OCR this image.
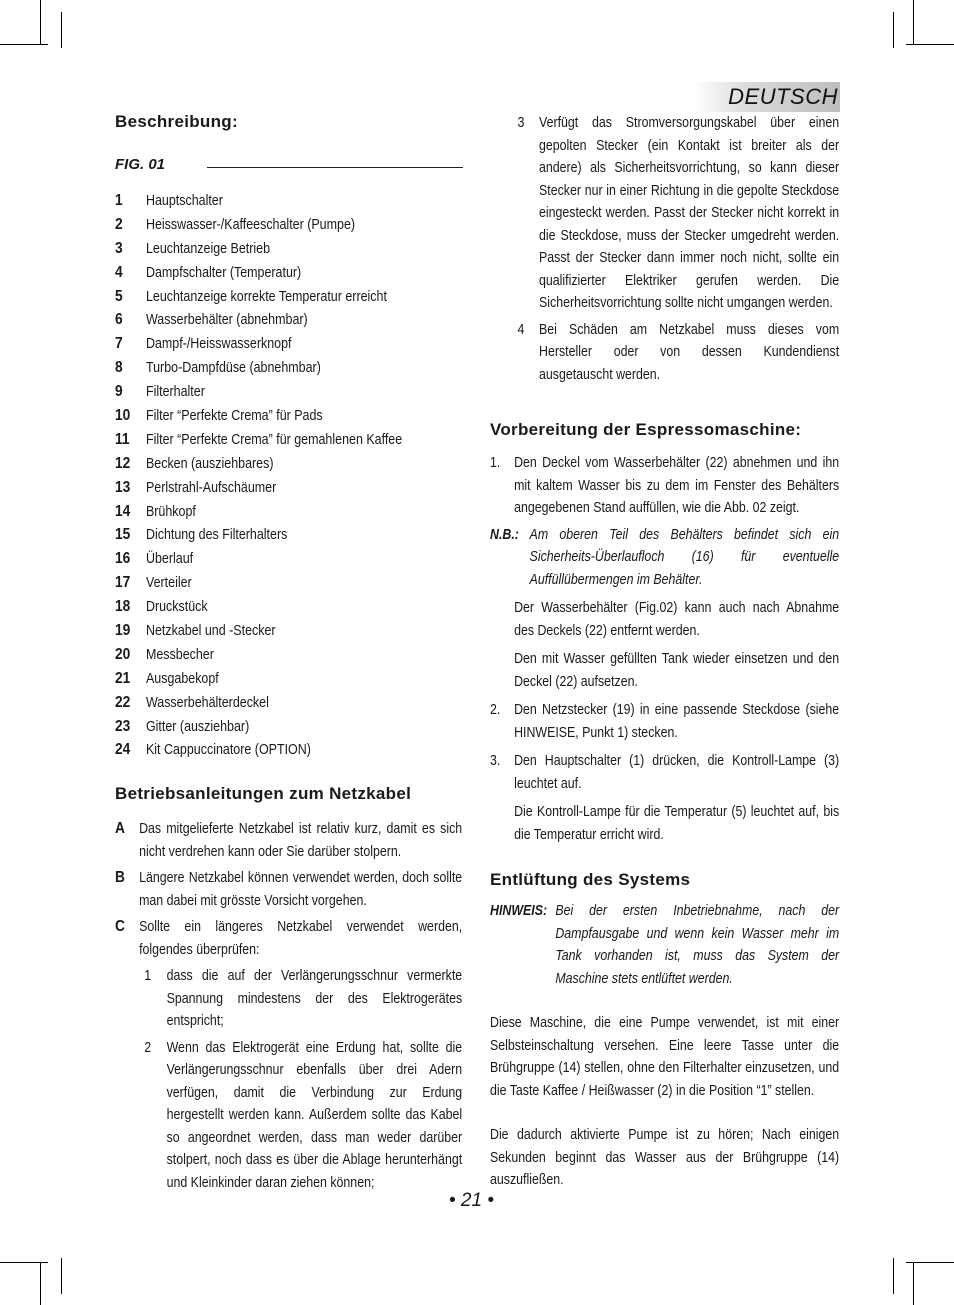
DEUTSCH
Beschreibung:
FIG. 01
1	Hauptschalter
2	Heisswasser-/Kaffeeschalter (Pumpe)
3	Leuchtanzeige Betrieb
4	Dampfschalter (Temperatur)
5	Leuchtanzeige korrekte Temperatur erreicht
6	Wasserbehälter (abnehmbar)
7	Dampf-/Heisswasserknopf
8	Turbo-Dampfdüse (abnehmbar)
9	Filterhalter
10	Filter “Perfekte Crema” für Pads
11	Filter “Perfekte Crema” für gemahlenen Kaffee
12	Becken (ausziehbares)
13	Perlstrahl-Aufschäumer
14	Brühkopf
15	Dichtung des Filterhalters
16	Überlauf
17	Verteiler
18	Druckstück
19	Netzkabel und -Stecker
20	Messbecher
21	Ausgabekopf
22	Wasserbehälterdeckel
23	Gitter (ausziehbar)
24	Kit Cappuccinatore (OPTION)
Betriebsanleitungen zum Netzkabel
A Das mitgelieferte Netzkabel ist relativ kurz, damit es sich nicht verdrehen kann oder Sie darüber stolpern.
B Längere Netzkabel können verwendet werden, doch sollte man dabei mit grösste Vorsicht vorgehen.
C Sollte ein längeres Netzkabel verwendet werden, folgendes überprüfen:
1	dass die auf der Verlängerungsschnur vermerkte Spannung mindestens der des Elektrogerätes entspricht;
2	Wenn das Elektrogerät eine Erdung hat, sollte die Verlängerungsschnur ebenfalls über drei Adern verfügen, damit die Verbindung zur Erdung hergestellt werden kann. Außerdem sollte das Kabel so angeordnet werden, dass man weder darüber stolpert, noch dass es über die Ablage herunterhängt und Kleinkinder daran ziehen können;
3	Verfügt das Stromversorgungskabel über einen gepolten Stecker (ein Kontakt ist breiter als der andere) als Sicherheitsvorrichtung, so kann dieser Stecker nur in einer Richtung in die gepolte Steckdose eingesteckt werden. Passt der Stecker nicht korrekt in die Steckdose, muss der Stecker umgedreht werden. Passt der Stecker dann immer noch nicht, sollte ein qualifizierter Elektriker gerufen werden. Die Sicherheitsvorrichtung sollte nicht umgangen werden.
4	Bei Schäden am Netzkabel muss dieses vom Hersteller oder von dessen Kundendienst ausgetauscht werden.
Vorbereitung der Espressomaschine:
1. Den Deckel vom Wasserbehälter (22) abnehmen und ihn mit kaltem Wasser bis zu dem im Fenster des Behälters angegebenen Stand auffüllen, wie die Abb. 02 zeigt.
N.B.: Am oberen Teil des Behälters befindet sich ein Sicherheits-Überlaufloch (16) für eventuelle Auffüllübermengen im Behälter.

Der Wasserbehälter (Fig.02) kann auch nach Abnahme des Deckels (22) entfernt werden.

Den mit Wasser gefüllten Tank wieder einsetzen und den Deckel (22) aufsetzen.

2. Den Netzstecker (19) in eine passende Steckdose (siehe HINWEISE, Punkt 1) stecken.
3. Den Hauptschalter (1) drücken, die Kontroll-Lampe (3) leuchtet auf.

Die Kontroll-Lampe für die Temperatur (5) leuchtet auf, bis die Temperatur erricht wird.

Entlüftung des Systems
HINWEIS: Bei der ersten Inbetriebnahme, nach der Dampfausgabe und wenn kein Wasser mehr im Tank vorhanden ist, muss das System der Maschine stets entlüftet werden.

Diese Maschine, die eine Pumpe verwendet, ist mit einer Selbsteinschaltung versehen. Eine leere Tasse unter die Brühgruppe (14) stellen, ohne den Filterhalter einzusetzen, und die Taste Kaffee / Heißwasser (2) in die Position “1” stellen.

Die dadurch aktivierte Pumpe ist zu hören; Nach einigen Sekunden beginnt das Wasser aus der Brühgruppe (14) auszufließen.

• 21 •
